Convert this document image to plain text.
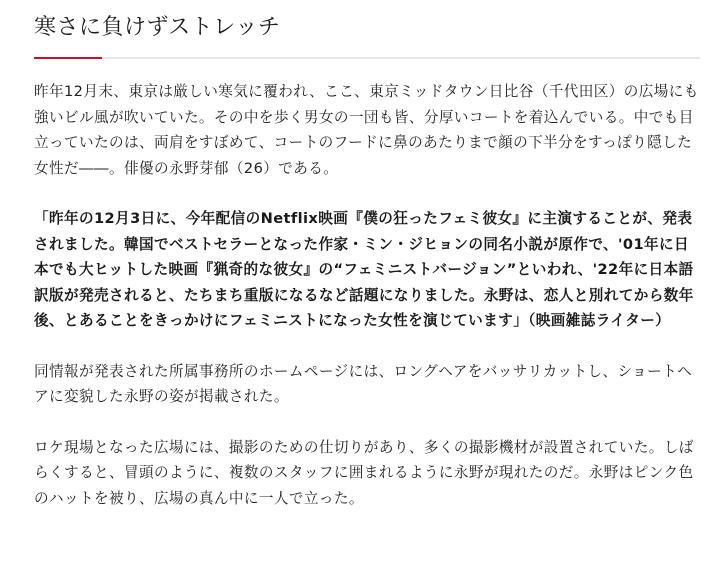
寒さに負けずストレッチ

昨年12月末、東京は厳しい寒気に覆われ、ここ、東京ミッドタウン日比谷（千代田区）の広場にも強いビル風が吹いていた。その中を歩く男女の一団も皆、分厚いコートを着込んでいる。中でも目立っていたのは、両肩をすぼめて、コートのフードに鼻のあたりまで顔の下半分をすっぽり隠した女性だ――。俳優の永野芽郁（26）である。

「昨年の12月3日に、今年配信のNetflix映画『僕の狂ったフェミ彼女』に主演することが、発表されました。韓国でベストセラーとなった作家・ミン・ジヒョンの同名小説が原作で、'01年に日本でも大ヒットした映画『猟奇的な彼女』の“フェミニストバージョン”といわれ、'22年に日本語訳版が発売されると、たちまち重版になるなど話題になりました。永野は、恋人と別れてから数年後、とあることをきっかけにフェミニストになった女性を演じています」（映画雑誌ライター）

同情報が発表された所属事務所のホームページには、ロングヘアをバッサリカットし、ショートヘアに変貌した永野の姿が掲載された。

ロケ現場となった広場には、撮影のための仕切りがあり、多くの撮影機材が設置されていた。しばらくすると、冒頭のように、複数のスタッフに囲まれるように永野が現れたのだ。永野はピンク色のハットを被り、広場の真ん中に一人で立った。
